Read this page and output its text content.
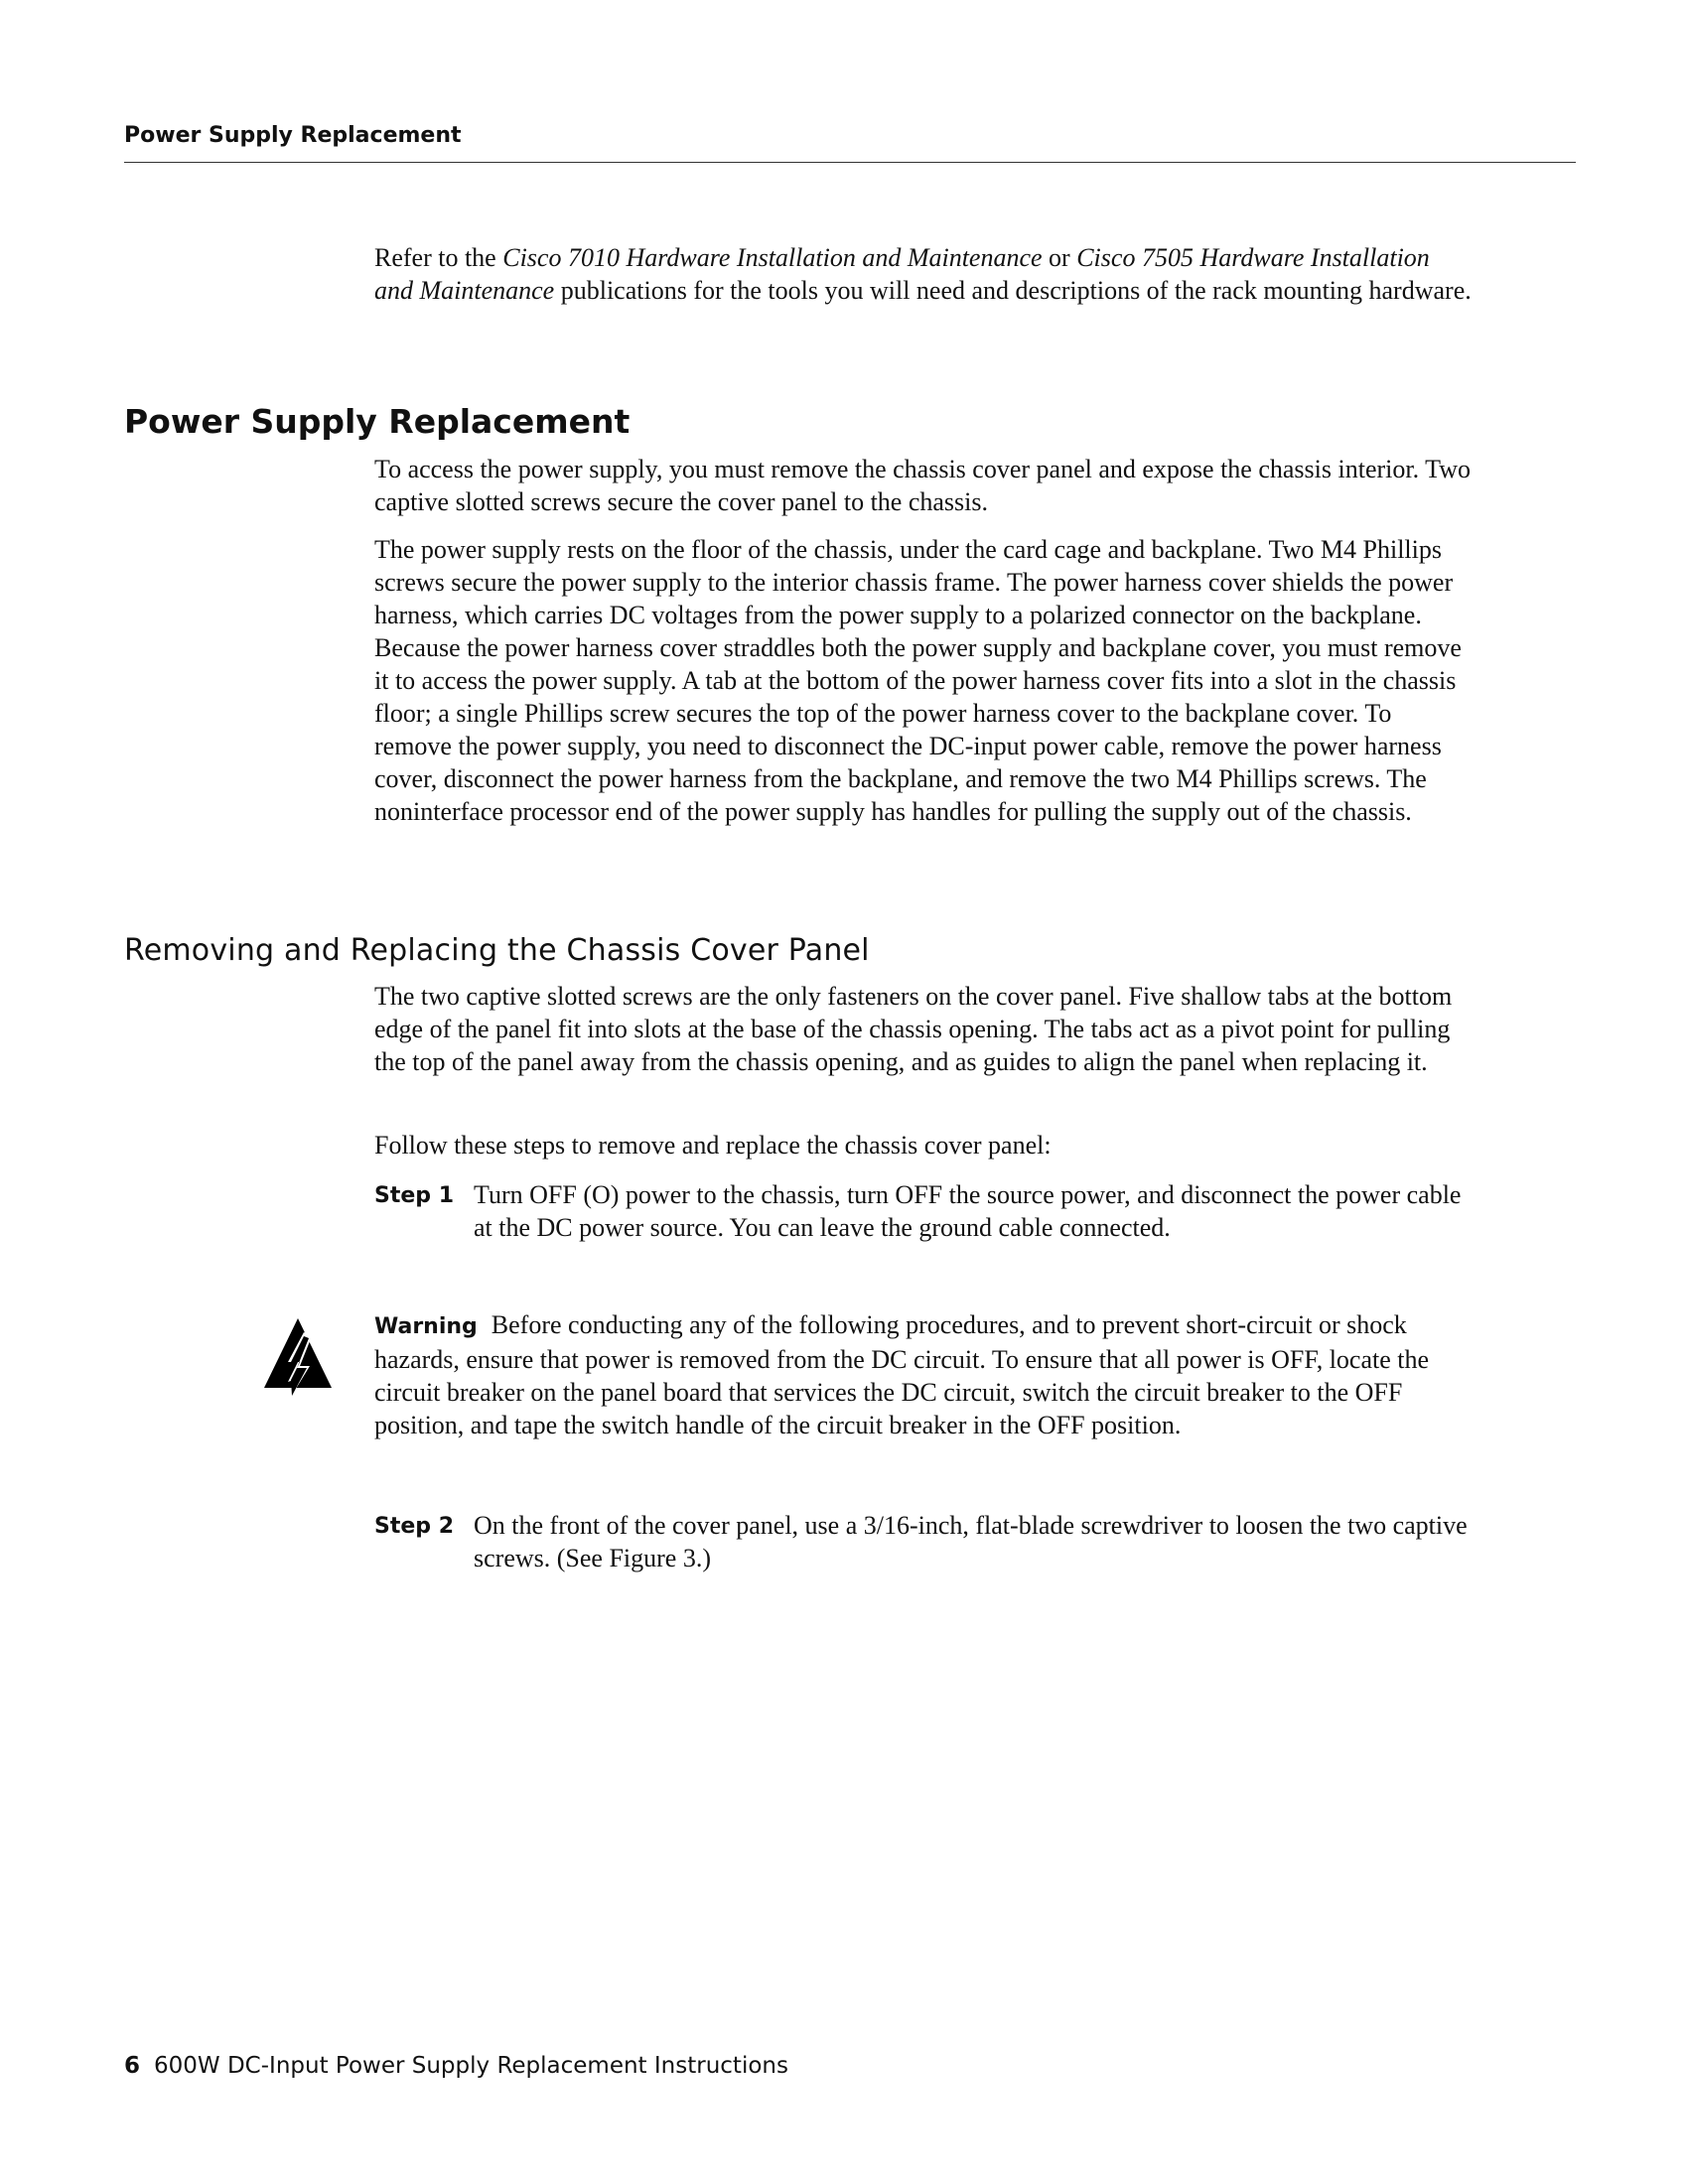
Power Supply Replacement

Refer to the Cisco 7010 Hardware Installation and Maintenance or Cisco 7505 Hardware Installation and Maintenance publications for the tools you will need and descriptions of the rack mounting hardware.

Power Supply Replacement

To access the power supply, you must remove the chassis cover panel and expose the chassis interior. Two captive slotted screws secure the cover panel to the chassis.

The power supply rests on the floor of the chassis, under the card cage and backplane. Two M4 Phillips screws secure the power supply to the interior chassis frame. The power harness cover shields the power harness, which carries DC voltages from the power supply to a polarized connector on the backplane. Because the power harness cover straddles both the power supply and backplane cover, you must remove it to access the power supply. A tab at the bottom of the power harness cover fits into a slot in the chassis floor; a single Phillips screw secures the top of the power harness cover to the backplane cover. To remove the power supply, you need to disconnect the DC-input power cable, remove the power harness cover, disconnect the power harness from the backplane, and remove the two M4 Phillips screws. The noninterface processor end of the power supply has handles for pulling the supply out of the chassis.

Removing and Replacing the Chassis Cover Panel

The two captive slotted screws are the only fasteners on the cover panel. Five shallow tabs at the bottom edge of the panel fit into slots at the base of the chassis opening. The tabs act as a pivot point for pulling the top of the panel away from the chassis opening, and as guides to align the panel when replacing it.

Follow these steps to remove and replace the chassis cover panel:

Step 1 Turn OFF (O) power to the chassis, turn OFF the source power, and disconnect the power cable at the DC power source. You can leave the ground cable connected.

Warning Before conducting any of the following procedures, and to prevent short-circuit or shock hazards, ensure that power is removed from the DC circuit. To ensure that all power is OFF, locate the circuit breaker on the panel board that services the DC circuit, switch the circuit breaker to the OFF position, and tape the switch handle of the circuit breaker in the OFF position.

Step 2 On the front of the cover panel, use a 3/16-inch, flat-blade screwdriver to loosen the two captive screws. (See Figure 3.)

6 600W DC-Input Power Supply Replacement Instructions
